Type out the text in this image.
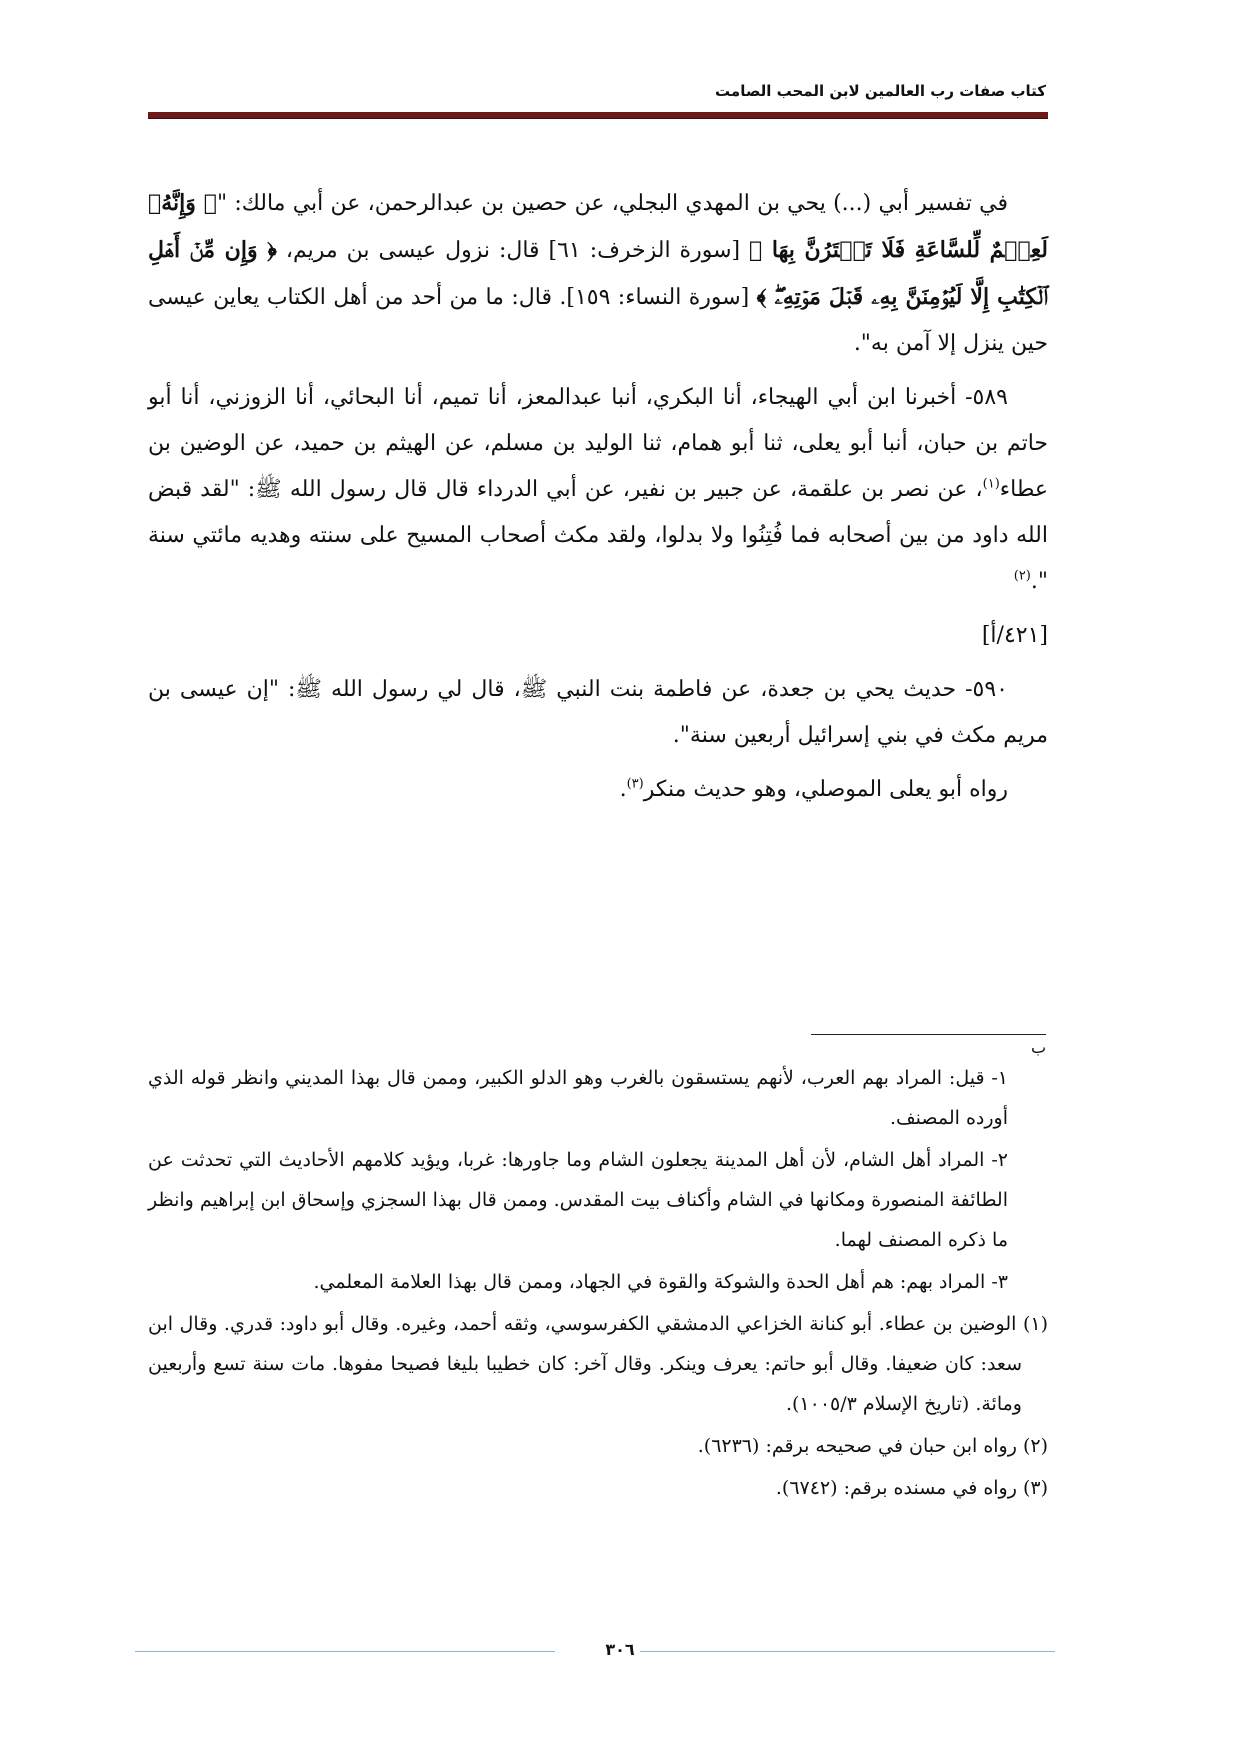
كتاب صفات رب العالمين لابن المحب الصامت

في تفسير أبي (...) يحي بن المهدي البجلي، عن حصين بن عبدالرحمن، عن أبي مالك: "﴿ وَإِنَّهُۥ لَعِلۡمٌ لِّلسَّاعَةِ فَلَا تَمۡتَرُنَّ بِهَا ﴾ [سورة الزخرف: ٦١] قال: نزول عيسى بن مريم، ﴿ وَإِن مِّنۡ أَهۡلِ ٱلۡكِتَٰبِ إِلَّا لَيُؤۡمِنَنَّ بِهِۦ قَبۡلَ مَوۡتِهِۦۖ ﴾ [سورة النساء: ١٥٩]. قال: ما من أحد من أهل الكتاب يعاين عيسى حين ينزل إلا آمن به".

٥٨٩- أخبرنا ابن أبي الهيجاء، أنا البكري، أنبا عبدالمعز، أنا تميم، أنا البحائي، أنا الزوزني، أنا أبو حاتم بن حبان، أنبا أبو يعلى، ثنا أبو همام، ثنا الوليد بن مسلم، عن الهيثم بن حميد، عن الوضين بن عطاء$^{(١)}$، عن نصر بن علقمة، عن جبير بن نفير، عن أبي الدرداء قال قال رسول الله ﷺ: "لقد قبض الله داود من بين أصحابه فما فُتِنُوا ولا بدلوا، ولقد مكث أصحاب المسيح على سنته وهديه مائتي سنة ".$^{(٢)}$

[٤٢١/أ]

٥٩٠- حديث يحي بن جعدة، عن فاطمة بنت النبي ﷺ، قال لي رسول الله ﷺ: "إن عيسى بن مريم مكث في بني إسرائيل أربعين سنة".

رواه أبو يعلى الموصلي، وهو حديث منكر$^{(٣)}$.

ب

١- قيل: المراد بهم العرب، لأنهم يستسقون بالغرب وهو الدلو الكبير، وممن قال بهذا المديني وانظر قوله الذي أورده المصنف.

٢- المراد أهل الشام، لأن أهل المدينة يجعلون الشام وما جاورها: غربا، ويؤيد كلامهم الأحاديث التي تحدثت عن الطائفة المنصورة ومكانها في الشام وأكناف بيت المقدس. وممن قال بهذا السجزي وإسحاق ابن إبراهيم وانظر ما ذكره المصنف لهما.

٣- المراد بهم: هم أهل الحدة والشوكة والقوة في الجهاد، وممن قال بهذا العلامة المعلمي.

(١) الوضين بن عطاء. أبو كنانة الخزاعي الدمشقي الكفرسوسي، وثقه أحمد، وغيره. وقال أبو داود: قدري. وقال ابن سعد: كان ضعيفا. وقال أبو حاتم: يعرف وينكر. وقال آخر: كان خطيبا بليغا فصيحا مفوها. مات سنة تسع وأربعين ومائة. (تاريخ الإسلام ١٠٠٥/٣).

(٢) رواه ابن حبان في صحيحه برقم: (٦٢٣٦).

(٣) رواه في مسنده برقم: (٦٧٤٢).

٣٠٦
